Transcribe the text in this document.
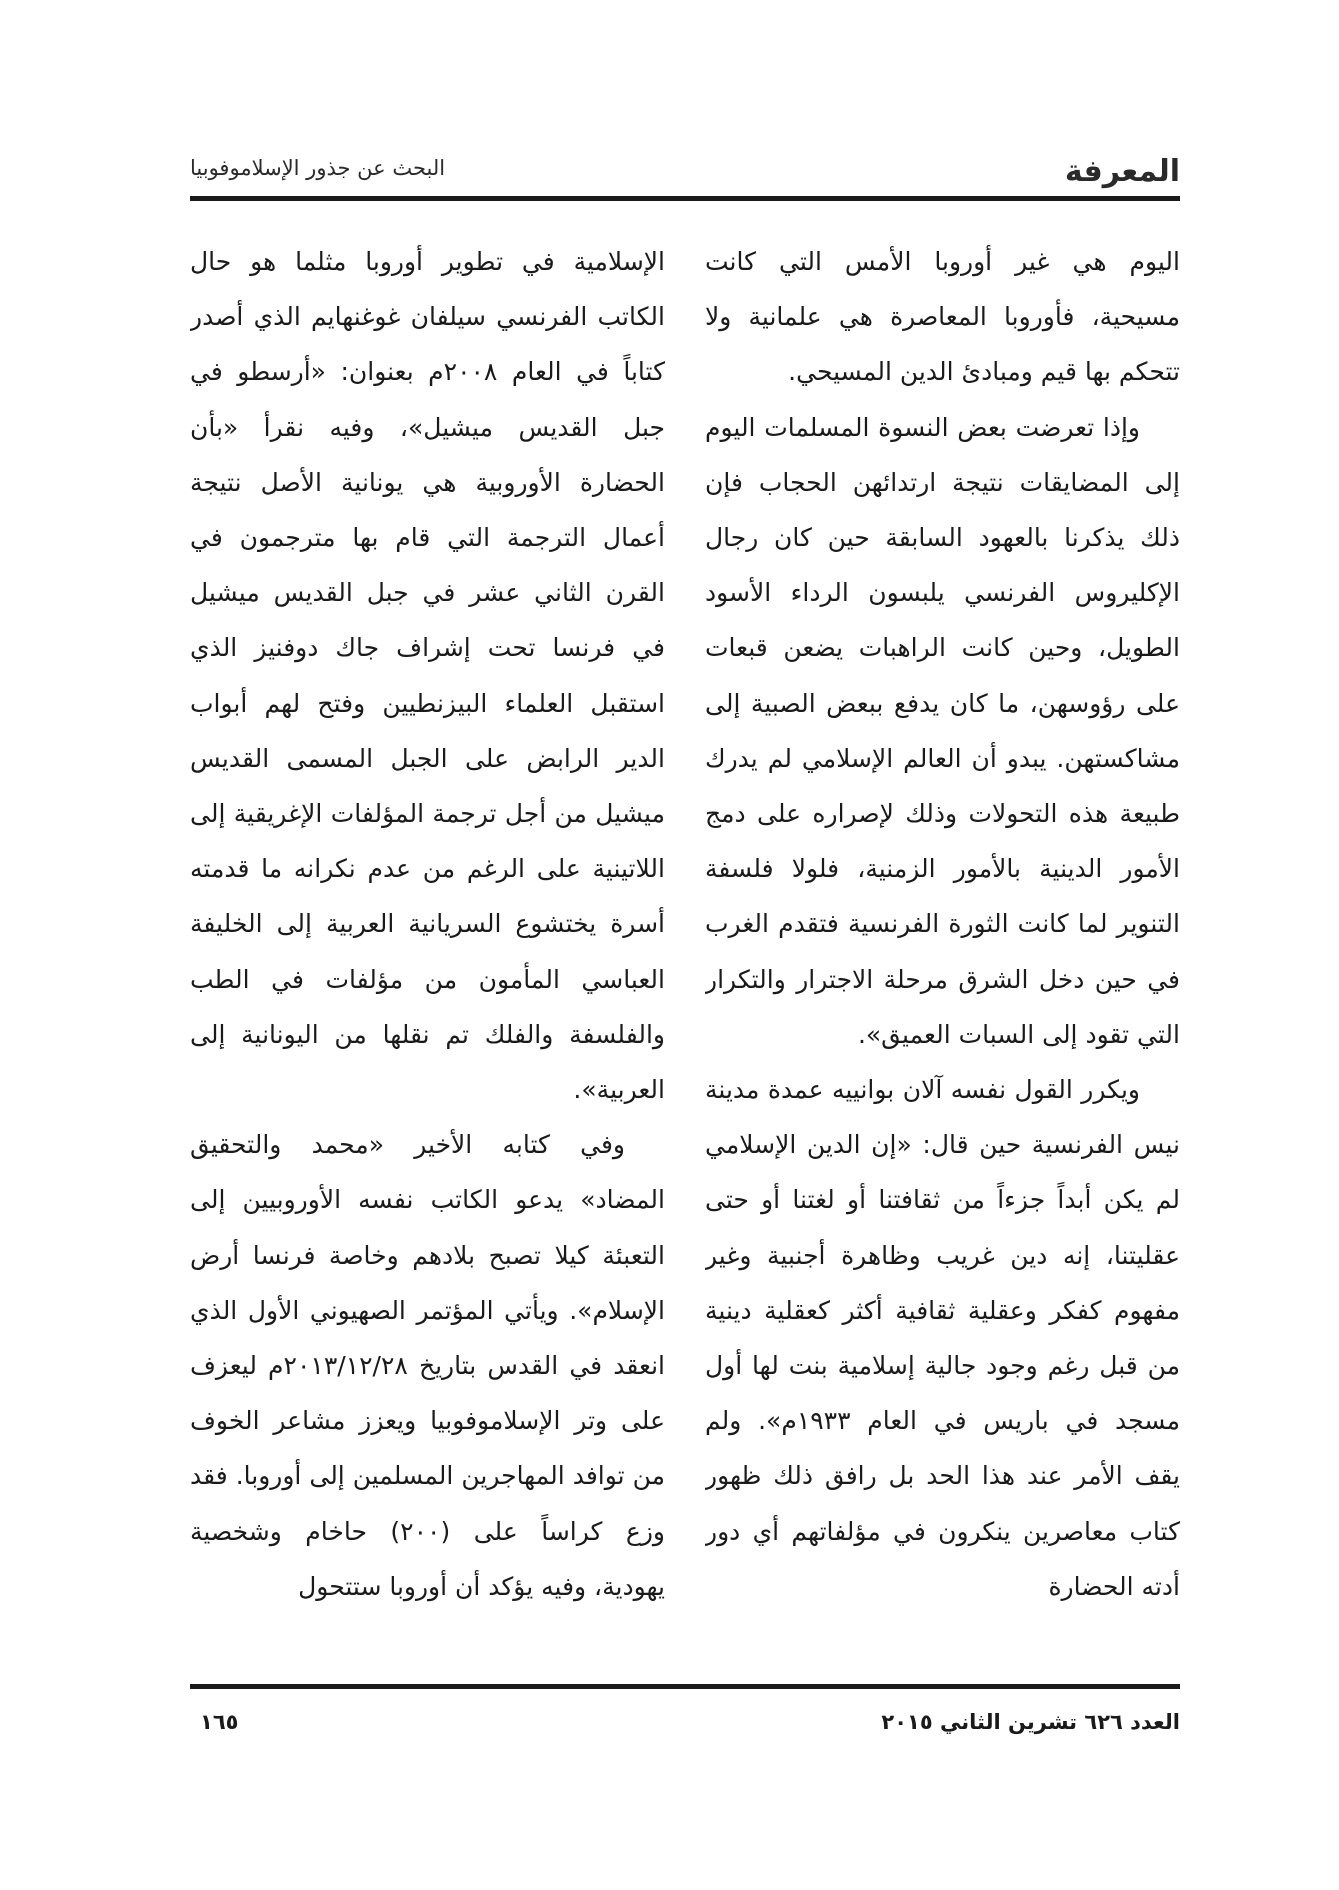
المعرفة
البحث عن جذور الإسلاموفوبيا

اليوم هي غير أوروبا الأمس التي كانت مسيحية، فأوروبا المعاصرة هي علمانية ولا تتحكم بها قيم ومبادئ الدين المسيحي.

وإذا تعرضت بعض النسوة المسلمات اليوم إلى المضايقات نتيجة ارتدائهن الحجاب فإن ذلك يذكرنا بالعهود السابقة حين كان رجال الإكليروس الفرنسي يلبسون الرداء الأسود الطويل، وحين كانت الراهبات يضعن قبعات على رؤوسهن، ما كان يدفع ببعض الصبية إلى مشاكستهن. يبدو أن العالم الإسلامي لم يدرك طبيعة هذه التحولات وذلك لإصراره على دمج الأمور الدينية بالأمور الزمنية، فلولا فلسفة التنوير لما كانت الثورة الفرنسية فتقدم الغرب في حين دخل الشرق مرحلة الاجترار والتكرار التي تقود إلى السبات العميق».

ويكرر القول نفسه آلان بوانييه عمدة مدينة نيس الفرنسية حين قال: «إن الدين الإسلامي لم يكن أبداً جزءاً من ثقافتنا أو لغتنا أو حتى عقليتنا، إنه دين غريب وظاهرة أجنبية وغير مفهوم كفكر وعقلية ثقافية أكثر كعقلية دينية من قبل رغم وجود جالية إسلامية بنت لها أول مسجد في باريس في العام ١٩٣٣م». ولم يقف الأمر عند هذا الحد بل رافق ذلك ظهور كتاب معاصرين ينكرون في مؤلفاتهم أي دور أدته الحضارة

الإسلامية في تطوير أوروبا مثلما هو حال الكاتب الفرنسي سيلفان غوغنهايم الذي أصدر كتاباً في العام ٢٠٠٨م بعنوان: «أرسطو في جبل القديس ميشيل»، وفيه نقرأ «بأن الحضارة الأوروبية هي يونانية الأصل نتيجة أعمال الترجمة التي قام بها مترجمون في القرن الثاني عشر في جبل القديس ميشيل في فرنسا تحت إشراف جاك دوفنيز الذي استقبل العلماء البيزنطيين وفتح لهم أبواب الدير الرابض على الجبل المسمى القديس ميشيل من أجل ترجمة المؤلفات الإغريقية إلى اللاتينية على الرغم من عدم نكرانه ما قدمته أسرة يختشوع السريانية العربية إلى الخليفة العباسي المأمون من مؤلفات في الطب والفلسفة والفلك تم نقلها من اليونانية إلى العربية».

وفي كتابه الأخير «محمد والتحقيق المضاد» يدعو الكاتب نفسه الأوروبيين إلى التعبئة كيلا تصبح بلادهم وخاصة فرنسا أرض الإسلام». ويأتي المؤتمر الصهيوني الأول الذي انعقد في القدس بتاريخ ٢٠١٣/١٢/٢٨م ليعزف على وتر الإسلاموفوبيا ويعزز مشاعر الخوف من توافد المهاجرين المسلمين إلى أوروبا. فقد وزع كراساً على (٢٠٠) حاخام وشخصية يهودية، وفيه يؤكد أن أوروبا ستتحول

العدد ٦٢٦ تشرين الثاني ٢٠١٥
١٦٥
